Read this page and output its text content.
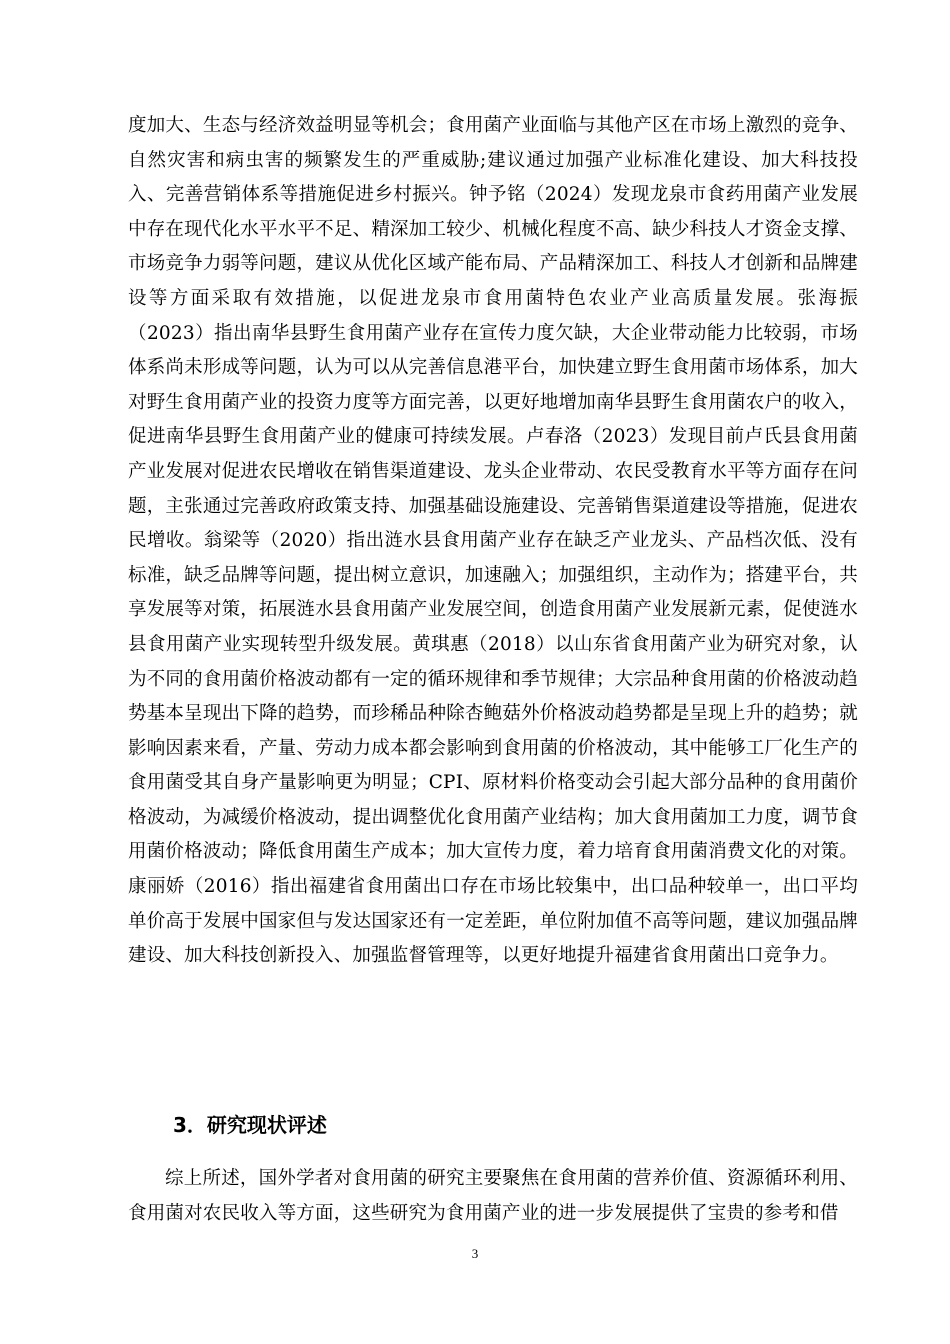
度加大、生态与经济效益明显等机会；食用菌产业面临与其他产区在市场上激烈的竞争、自然灾害和病虫害的频繁发生的严重威胁;建议通过加强产业标准化建设、加大科技投入、完善营销体系等措施促进乡村振兴。钟予铭（2024）发现龙泉市食药用菌产业发展中存在现代化水平水平不足、精深加工较少、机械化程度不高、缺少科技人才资金支撑、市场竞争力弱等问题，建议从优化区域产能布局、产品精深加工、科技人才创新和品牌建设等方面采取有效措施，以促进龙泉市食用菌特色农业产业高质量发展。张海振（2023）指出南华县野生食用菌产业存在宣传力度欠缺，大企业带动能力比较弱，市场体系尚未形成等问题，认为可以从完善信息港平台，加快建立野生食用菌市场体系，加大对野生食用菌产业的投资力度等方面完善，以更好地增加南华县野生食用菌农户的收入，促进南华县野生食用菌产业的健康可持续发展。卢春洛（2023）发现目前卢氏县食用菌产业发展对促进农民增收在销售渠道建设、龙头企业带动、农民受教育水平等方面存在问题，主张通过完善政府政策支持、加强基础设施建设、完善销售渠道建设等措施，促进农民增收。翁梁等（2020）指出涟水县食用菌产业存在缺乏产业龙头、产品档次低、没有标准，缺乏品牌等问题，提出树立意识，加速融入；加强组织，主动作为；搭建平台，共享发展等对策，拓展涟水县食用菌产业发展空间，创造食用菌产业发展新元素，促使涟水县食用菌产业实现转型升级发展。黄琪惠（2018）以山东省食用菌产业为研究对象，认为不同的食用菌价格波动都有一定的循环规律和季节规律；大宗品种食用菌的价格波动趋势基本呈现出下降的趋势，而珍稀品种除杏鲍菇外价格波动趋势都是呈现上升的趋势；就影响因素来看，产量、劳动力成本都会影响到食用菌的价格波动，其中能够工厂化生产的食用菌受其自身产量影响更为明显；CPI、原材料价格变动会引起大部分品种的食用菌价格波动，为减缓价格波动，提出调整优化食用菌产业结构；加大食用菌加工力度，调节食用菌价格波动；降低食用菌生产成本；加大宣传力度，着力培育食用菌消费文化的对策。康丽娇（2016）指出福建省食用菌出口存在市场比较集中，出口品种较单一，出口平均单价高于发展中国家但与发达国家还有一定差距，单位附加值不高等问题，建议加强品牌建设、加大科技创新投入、加强监督管理等，以更好地提升福建省食用菌出口竞争力。

3．研究现状评述

综上所述，国外学者对食用菌的研究主要聚焦在食用菌的营养价值、资源循环利用、食用菌对农民收入等方面，这些研究为食用菌产业的进一步发展提供了宝贵的参考和借

3
